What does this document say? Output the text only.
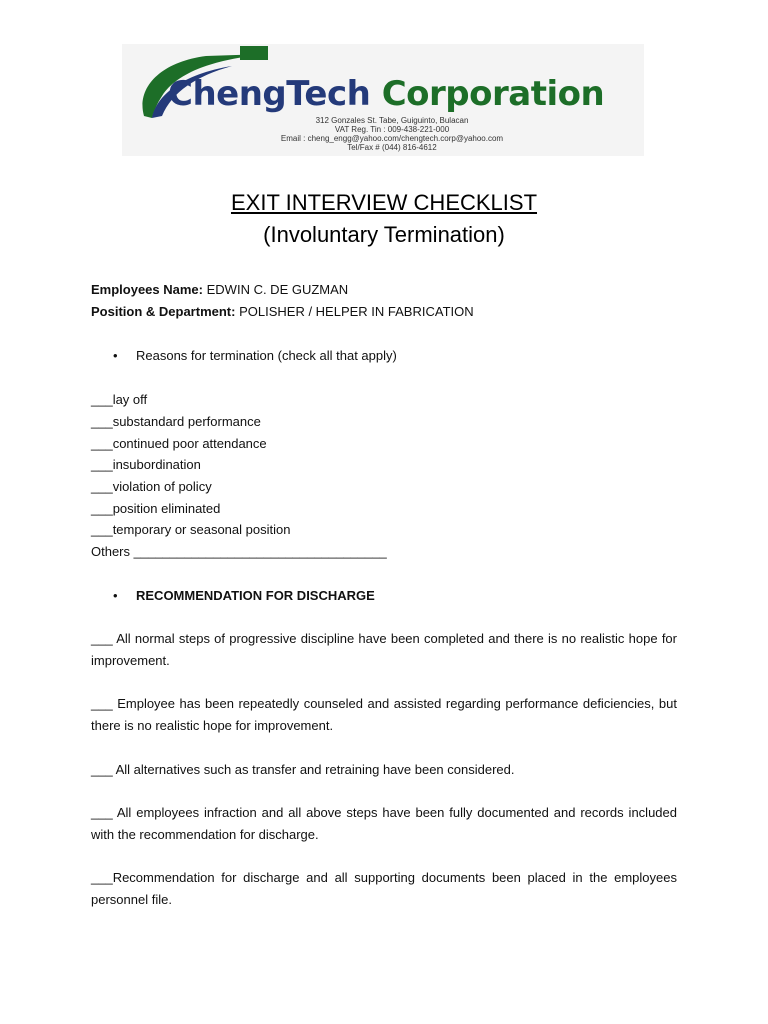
ChengTech Corporation
312 Gonzales St. Tabe, Guiguinto, Bulacan
VAT Reg. Tin : 009-438-221-000
Email : cheng_engg@yahoo.com/chengtech.corp@yahoo.com
Tel/Fax # (044) 816-4612
EXIT INTERVIEW CHECKLIST
(Involuntary Termination)
Employees Name: EDWIN C. DE GUZMAN
Position & Department: POLISHER / HELPER IN FABRICATION
• Reasons for termination (check all that apply)
___lay off
___substandard performance
___continued poor attendance
___insubordination
___violation of policy
___position eliminated
___temporary or seasonal position
Others ___________________________________
• RECOMMENDATION FOR DISCHARGE
___ All normal steps of progressive discipline have been completed and there is no realistic hope for improvement.
___ Employee has been repeatedly counseled and assisted regarding performance deficiencies, but there is no realistic hope for improvement.
___ All alternatives such as transfer and retraining have been considered.
___ All employees infraction and all above steps have been fully documented and records included with the recommendation for discharge.
___Recommendation for discharge and all supporting documents been placed in the employees personnel file.
